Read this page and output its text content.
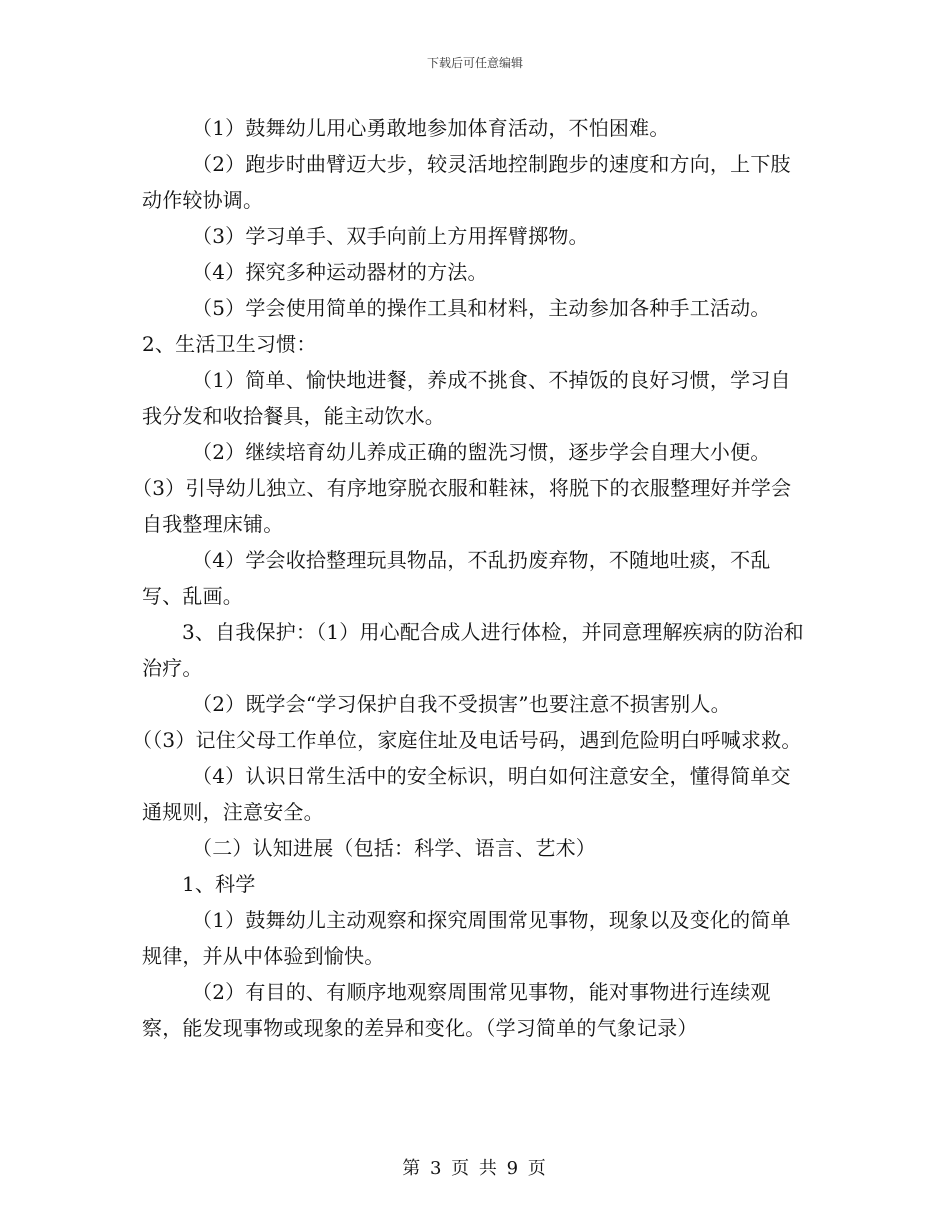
下载后可任意编辑

（1）鼓舞幼儿用心勇敢地参加体育活动，不怕困难。

（2）跑步时曲臂迈大步，较灵活地控制跑步的速度和方向，上下肢动作较协调。

（3）学习单手、双手向前上方用挥臂掷物。

（4）探究多种运动器材的方法。

（5）学会使用简单的操作工具和材料，主动参加各种手工活动。

2、生活卫生习惯：

（1）简单、愉快地进餐，养成不挑食、不掉饭的良好习惯，学习自我分发和收拾餐具，能主动饮水。

（2）继续培育幼儿养成正确的盥洗习惯，逐步学会自理大小便。

（3）引导幼儿独立、有序地穿脱衣服和鞋袜，将脱下的衣服整理好并学会自我整理床铺。

（4）学会收拾整理玩具物品，不乱扔废弃物，不随地吐痰，不乱写、乱画。

3、自我保护：（1）用心配合成人进行体检，并同意理解疾病的防治和治疗。

（2）既学会“学习保护自我不受损害”也要注意不损害别人。

（（3）记住父母工作单位，家庭住址及电话号码，遇到危险明白呼喊求救。

（4）认识日常生活中的安全标识，明白如何注意安全，懂得简单交通规则，注意安全。

（二）认知进展（包括：科学、语言、艺术）

1、科学

（1）鼓舞幼儿主动观察和探究周围常见事物，现象以及变化的简单规律，并从中体验到愉快。

（2）有目的、有顺序地观察周围常见事物，能对事物进行连续观察，能发现事物或现象的差异和变化。（学习简单的气象记录）

第 3 页 共 9 页
